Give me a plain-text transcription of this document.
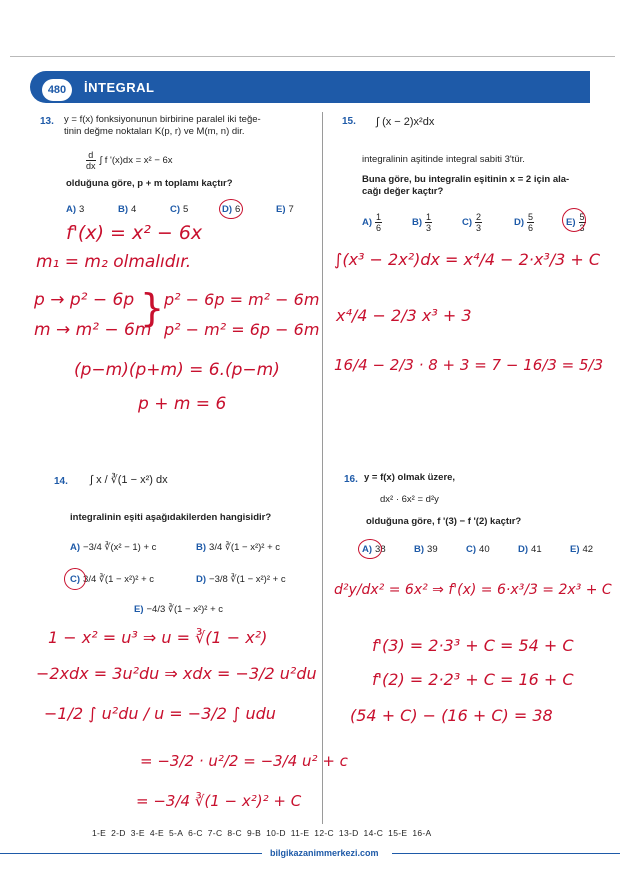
480	İNTEGRAL
13. y = f(x) fonksiyonunun birbirine paralel iki teğe-
tinin değme noktaları K(p, r) ve M(m, n) dir.
$\frac{d}{dx}$ ∫ f '(x)dx = x² − 6x
olduğuna göre, p + m toplamı kaçtır?
A) 3	B) 4	C) 5	D) 6	E) 7
f'(x) = x² − 6x
m₁ = m₂ olmalıdır.
p → p² − 6p
m → m² − 6m
} p² − 6p = m² − 6m
p² − m² = 6p − 6m
(p−m)(p+m) = 6.(p−m)
p + m = 6
15. ∫ (x − 2)x²dx
integralinin aşitinde integral sabiti 3'tür.
Buna göre, bu integralin eşitinin x = 2 için ala-
cağı değer kaçtır?
$A) \frac{1}{6}$	$B) \frac{1}{3}$	$C) \frac{2}{3}$	$D) \frac{5}{6}$	$E) \frac{5}{3}$
∫(x³ − 2x²)dx = x⁴/4 − 2·x³/3 + C
x⁴/4 − 2/3 x³ + 3
16/4 − 2/3 · 8 + 3 = 7 − 16/3 = 5/3
14. ∫ x / ∛(1 − x²) dx
integralinin eşiti aşağıdakilerden hangisidir?
A) −3/4 ∛(x² − 1) + c	B) 3/4 ∛(1 − x²)² + c
C) 3/4 ∛(1 − x²)² + c	D) −3/8 ∛(1 − x²)² + c
E) −4/3 ∛(1 − x²)² + c
1 − x² = u³ ⇒ u = ∛(1 − x²)
−2xdx = 3u²du ⇒ xdx = −3/2 u²du
−1/2 ∫ u²du / u = −3/2 ∫ udu
= −3/2 · u²/2 = −3/4 u² + c
= −3/4 ∛(1 − x²)² + C
16. y = f(x) olmak üzere,
dx² · 6x² = d²y
olduğuna göre, f '(3) − f '(2) kaçtır?
A) 38	B) 39	C) 40	D) 41	E) 42
d²y/dx² = 6x² ⇒ f'(x) = 6·x³/3 = 2x³ + C
f'(3) = 2·3³ + C = 54 + C
f'(2) = 2·2³ + C = 16 + C
(54 + C) − (16 + C) = 38
1-E 2-D 3-E 4-E 5-A 6-C 7-C 8-C 9-B 10-D 11-E 12-C 13-D 14-C 15-E 16-A
bilgikazanimmerkezi.com
